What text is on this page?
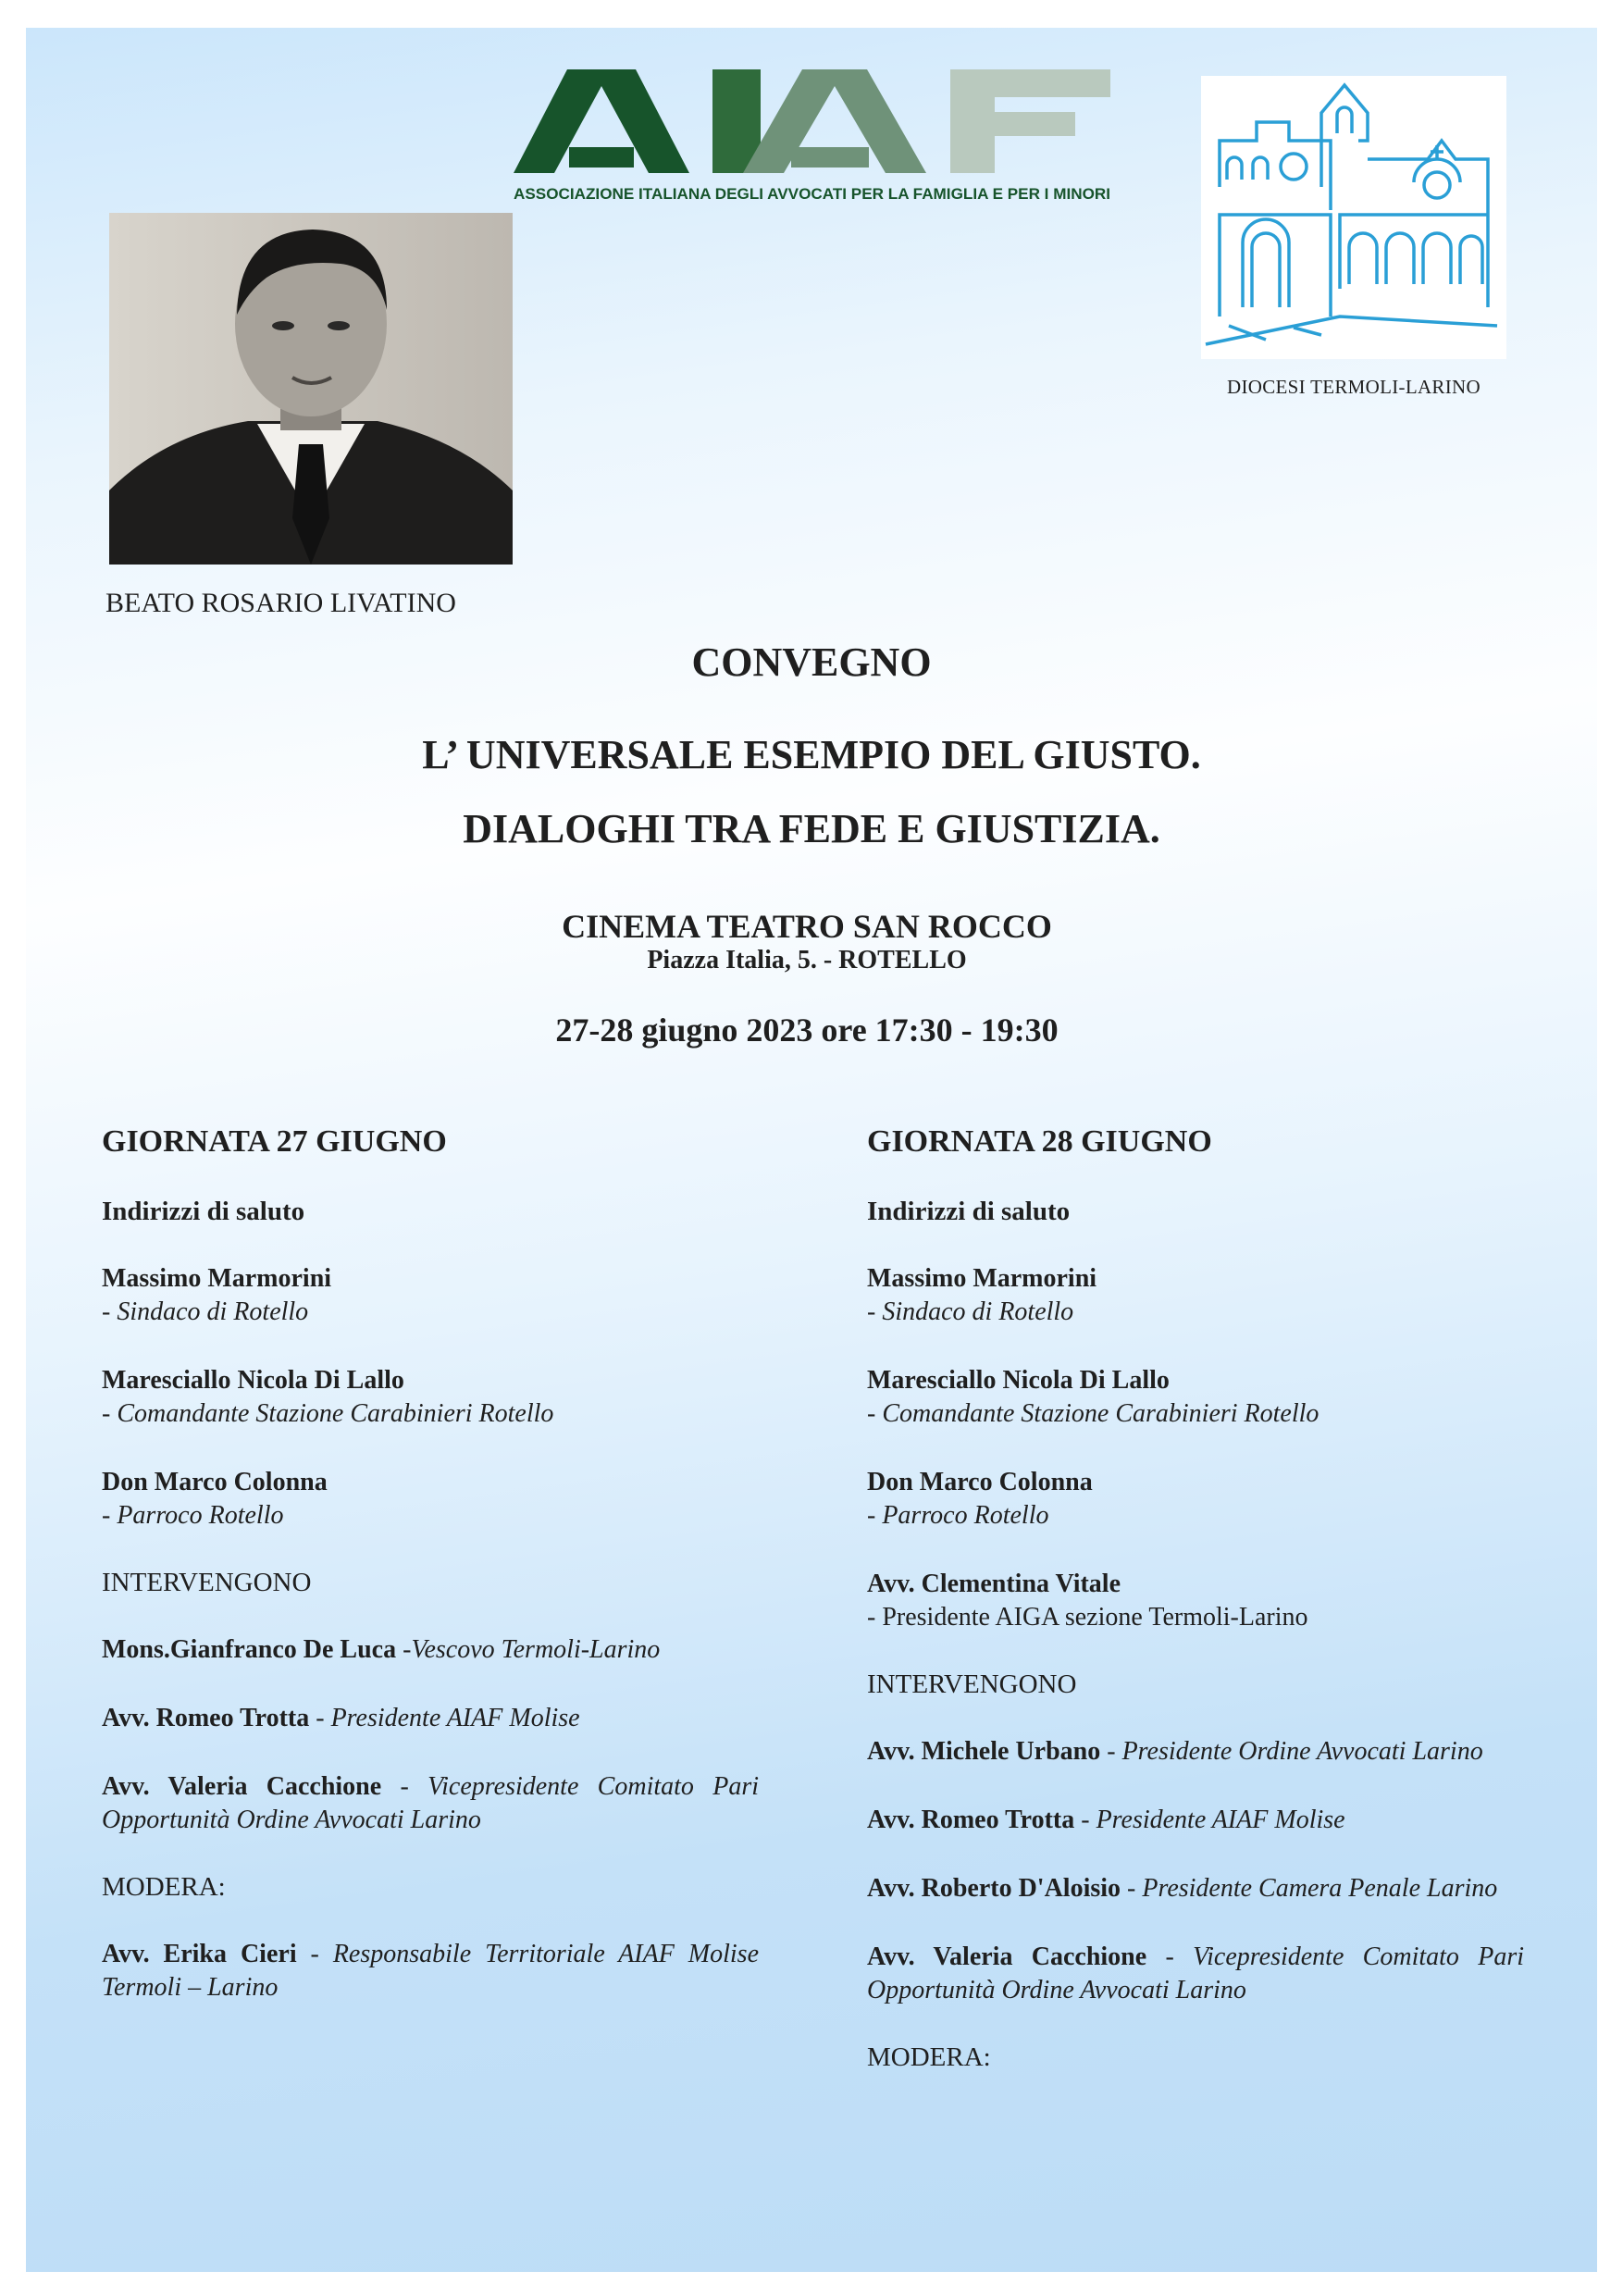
ASSOCIAZIONE ITALIANA DEGLI AVVOCATI PER LA FAMIGLIA E PER I MINORI
DIOCESI TERMOLI-LARINO
BEATO ROSARIO LIVATINO
CONVEGNO
L’ UNIVERSALE ESEMPIO DEL GIUSTO.
DIALOGHI TRA FEDE E GIUSTIZIA.
CINEMA TEATRO SAN ROCCO
Piazza Italia, 5. - ROTELLO
27-28 giugno 2023 ore 17:30 - 19:30
GIORNATA 27 GIUGNO
Indirizzi di saluto
Massimo Marmorini
- Sindaco di Rotello
Maresciallo Nicola Di Lallo
- Comandante Stazione Carabinieri Rotello
Don Marco Colonna
- Parroco Rotello
INTERVENGONO
Mons.Gianfranco De Luca -Vescovo Termoli-Larino
Avv. Romeo Trotta - Presidente AIAF Molise
Avv. Valeria Cacchione - Vicepresidente Comitato Pari Opportunità Ordine Avvocati Larino
MODERA:
Avv. Erika Cieri - Responsabile Territoriale AIAF Molise Termoli – Larino
GIORNATA 28 GIUGNO
Indirizzi di saluto
Massimo Marmorini
- Sindaco di Rotello
Maresciallo Nicola Di Lallo
- Comandante Stazione Carabinieri Rotello
Don Marco Colonna
- Parroco Rotello
Avv. Clementina Vitale
- Presidente AIGA sezione Termoli-Larino
INTERVENGONO
Avv. Michele Urbano - Presidente Ordine Avvocati Larino
Avv. Romeo Trotta - Presidente AIAF Molise
Avv. Roberto D'Aloisio - Presidente Camera Penale Larino
Avv. Valeria Cacchione - Vicepresidente Comitato Pari Opportunità Ordine Avvocati Larino
MODERA:
